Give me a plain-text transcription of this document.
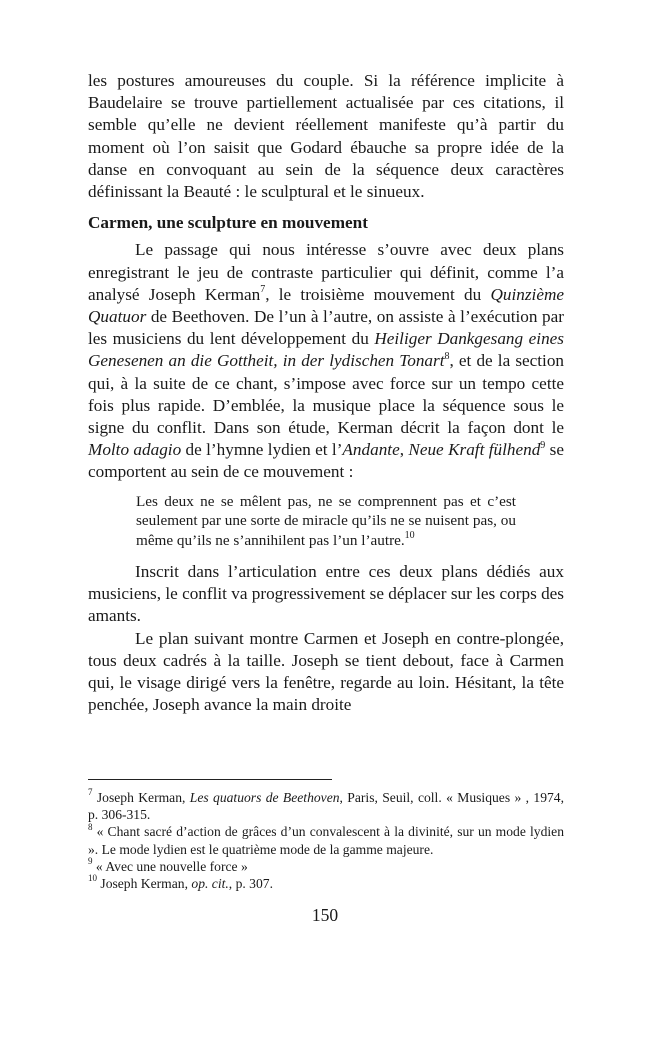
les postures amoureuses du couple. Si la référence implicite à Baudelaire se trouve partiellement actualisée par ces citations, il semble qu’elle ne devient réellement manifeste qu’à partir du moment où l’on saisit que Godard ébauche sa propre idée de la danse en convoquant au sein de la séquence deux caractères définissant la Beauté : le sculptural et le sinueux.

Carmen, une sculpture en mouvement

Le passage qui nous intéresse s’ouvre avec deux plans enregistrant le jeu de contraste particulier qui définit, comme l’a analysé Joseph Kerman$^7$, le troisième mouvement du Quinzième Quatuor de Beethoven. De l’un à l’autre, on assiste à l’exécution par les musiciens du lent développement du Heiliger Dankgesang eines Genesenen an die Gottheit, in der lydischen Tonart$^8$, et de la section qui, à la suite de ce chant, s’impose avec force sur un tempo cette fois plus rapide. D’emblée, la musique place la séquence sous le signe du conflit. Dans son étude, Kerman décrit la façon dont le Molto adagio de l’hymne lydien et l’Andante, Neue Kraft fülhend$^9$ se comportent au sein de ce mouvement :

Les deux ne se mêlent pas, ne se comprennent pas et c’est seulement par une sorte de miracle qu’ils ne se nuisent pas, ou même qu’ils ne s’annihilent pas l’un l’autre.$^{10}$

Inscrit dans l’articulation entre ces deux plans dédiés aux musiciens, le conflit va progressivement se déplacer sur les corps des amants.

Le plan suivant montre Carmen et Joseph en contre-plongée, tous deux cadrés à la taille. Joseph se tient debout, face à Carmen qui, le visage dirigé vers la fenêtre, regarde au loin. Hésitant, la tête penchée, Joseph avance la main droite

$^7$ Joseph Kerman, Les quatuors de Beethoven, Paris, Seuil, coll. « Musiques » , 1974, p. 306-315.

$^8$ « Chant sacré d’action de grâces d’un convalescent à la divinité, sur un mode lydien ». Le mode lydien est le quatrième mode de la gamme majeure.

$^9$ « Avec une nouvelle force »

$^{10}$ Joseph Kerman, op. cit., p. 307.

150
